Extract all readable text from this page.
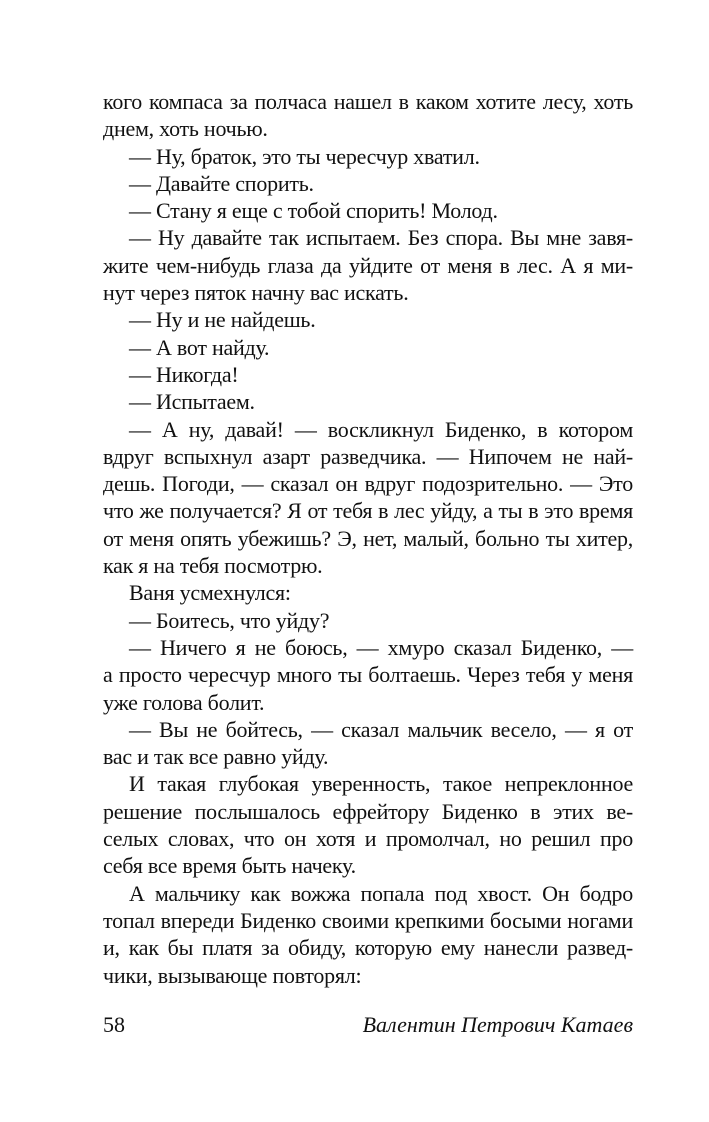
кого компаса за полчаса нашел в каком хотите лесу, хоть
днем, хоть ночью.
— Ну, браток, это ты чересчур хватил.
— Давайте спорить.
— Стану я еще с тобой спорить! Молод.
— Ну давайте так испытаем. Без спора. Вы мне завя-
жите чем-нибудь глаза да уйдите от меня в лес. А я ми-
нут через пяток начну вас искать.
— Ну и не найдешь.
— А вот найду.
— Никогда!
— Испытаем.
— А ну, давай! — воскликнул Биденко, в котором
вдруг вспыхнул азарт разведчика. — Нипочем не най-
дешь. Погоди, — сказал он вдруг подозрительно. — Это
что же получается? Я от тебя в лес уйду, а ты в это время
от меня опять убежишь? Э, нет, малый, больно ты хитер,
как я на тебя посмотрю.
Ваня усмехнулся:
— Боитесь, что уйду?
— Ничего я не боюсь, — хмуро сказал Биденко, —
а просто чересчур много ты болтаешь. Через тебя у меня
уже голова болит.
— Вы не бойтесь, — сказал мальчик весело, — я от
вас и так все равно уйду.
И такая глубокая уверенность, такое непреклонное
решение послышалось ефрейтору Биденко в этих ве-
селых словах, что он хотя и промолчал, но решил про
себя все время быть начеку.
А мальчику как вожжа попала под хвост. Он бодро
топал впереди Биденко своими крепкими босыми ногами
и, как бы платя за обиду, которую ему нанесли развед-
чики, вызывающе повторял:
58	Валентин Петрович Катаев
